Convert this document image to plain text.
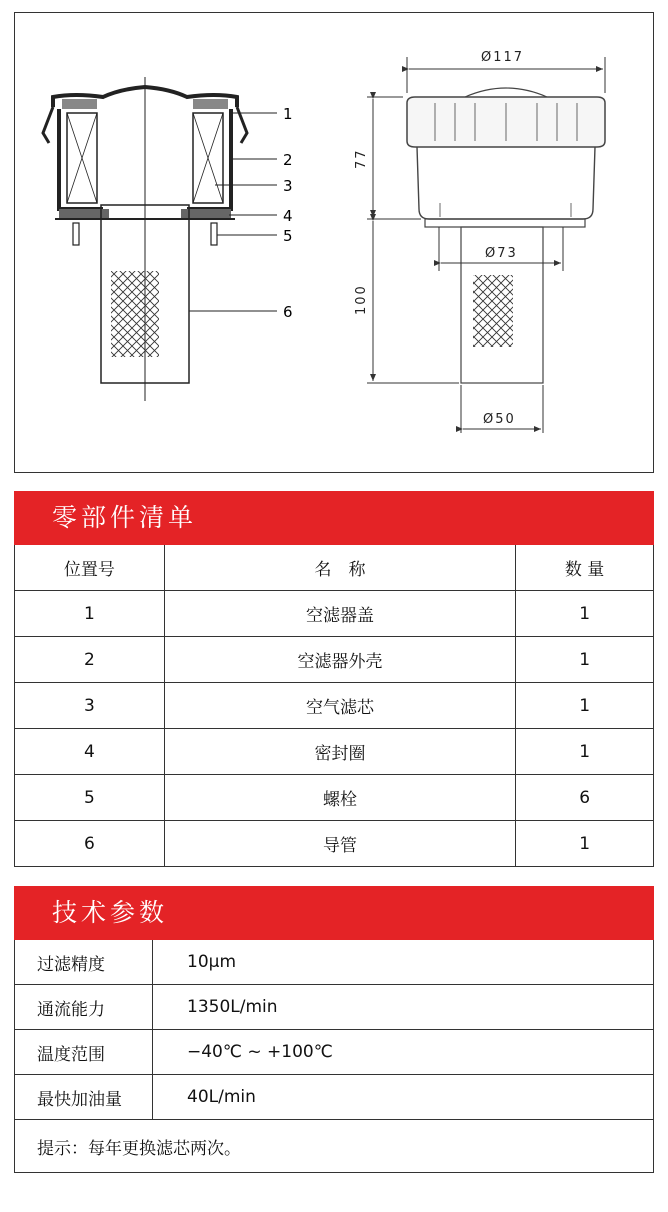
1
2
3
4
5
6
Ø117
Ø73
Ø50
77
100
零部件清单
位置号	名　称	数 量
1	空滤器盖	1
2	空滤器外壳	1
3	空气滤芯	1
4	密封圈	1
5	螺栓	6
6	导管	1
技术参数
过滤精度	10µm
通流能力	1350L/min
温度范围	−40℃ ~ +100℃
最快加油量	40L/min
提示：每年更换滤芯两次。	
